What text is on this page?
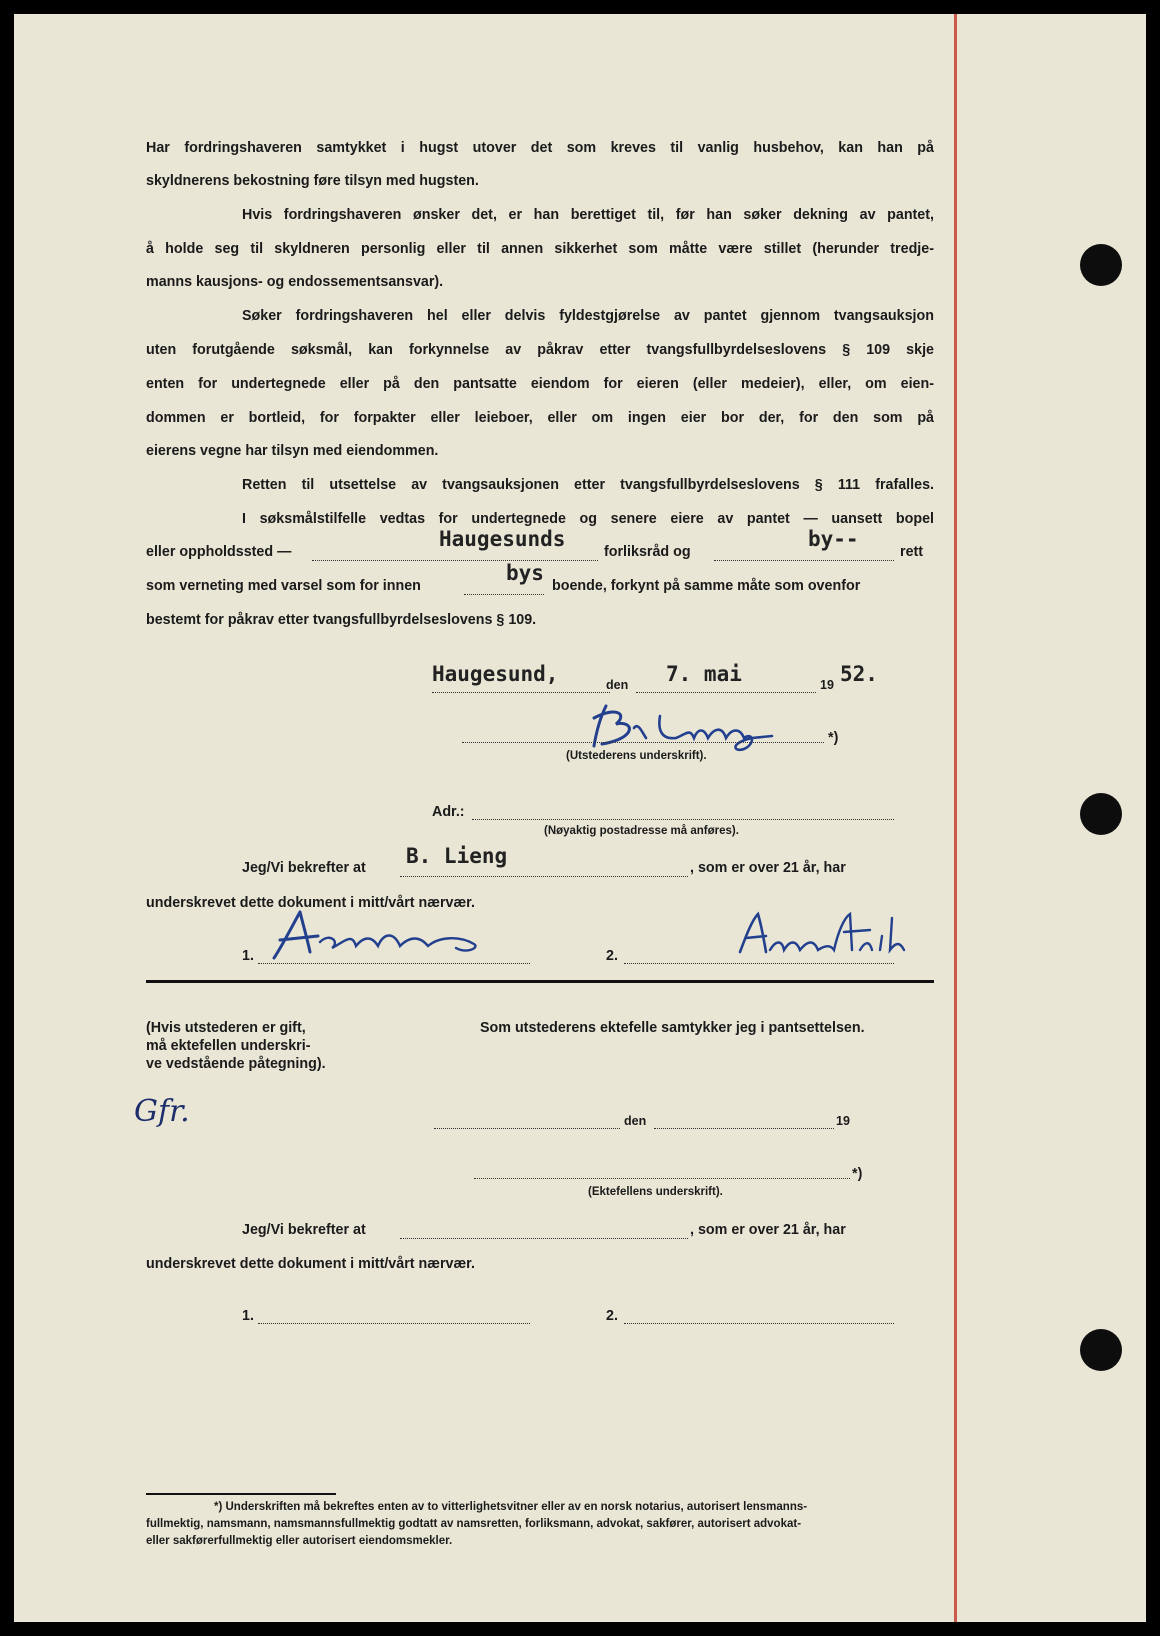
Har fordringshaveren samtykket i hugst utover det som kreves til vanlig husbehov, kan han på
skyldnerens bekostning føre tilsyn med hugsten.
Hvis fordringshaveren ønsker det, er han berettiget til, før han søker dekning av pantet,
å holde seg til skyldneren personlig eller til annen sikkerhet som måtte være stillet (herunder tredje-
manns kausjons- og endossementsansvar).
Søker fordringshaveren hel eller delvis fyldestgjørelse av pantet gjennom tvangsauksjon
uten forutgående søksmål, kan forkynnelse av påkrav etter tvangsfullbyrdelseslovens § 109 skje
enten for undertegnede eller på den pantsatte eiendom for eieren (eller medeier), eller, om eien-
dommen er bortleid, for forpakter eller leieboer, eller om ingen eier bor der, for den som på
eierens vegne har tilsyn med eiendommen.
Retten til utsettelse av tvangsauksjonen etter tvangsfullbyrdelseslovens § 111 frafalles.
I søksmålstilfelle vedtas for undertegnede og senere eiere av pantet — uansett bopel
eller oppholdssted —
Haugesunds
forliksråd og
by--
rett
som verneting med varsel som for innen
bys
boende, forkynt på samme måte som ovenfor
bestemt for påkrav etter tvangsfullbyrdelseslovens § 109.
Haugesund,	den 7. mai	19 52.
*)
(Utstederens underskrift).
Adr.:
(Nøyaktig postadresse må anføres).
Jeg/Vi bekrefter at B. Lieng	, som er over 21 år, har
underskrevet dette dokument i mitt/vårt nærvær.
1.	2.
(Hvis utstederen er gift,
må ektefellen underskri-
ve vedstående påtegning).
Som utstederens ektefelle samtykker jeg i pantsettelsen.
Gfr.	den	19
*)
(Ektefellens underskrift).
Jeg/Vi bekrefter at	, som er over 21 år, har
underskrevet dette dokument i mitt/vårt nærvær.
1.	2.
*) Underskriften må bekreftes enten av to vitterlighetsvitner eller av en norsk notarius, autorisert lensmanns-
fullmektig, namsmann, namsmannsfullmektig godtatt av namsretten, forliksmann, advokat, sakfører, autorisert advokat-
eller sakførerfullmektig eller autorisert eiendomsmekler.
